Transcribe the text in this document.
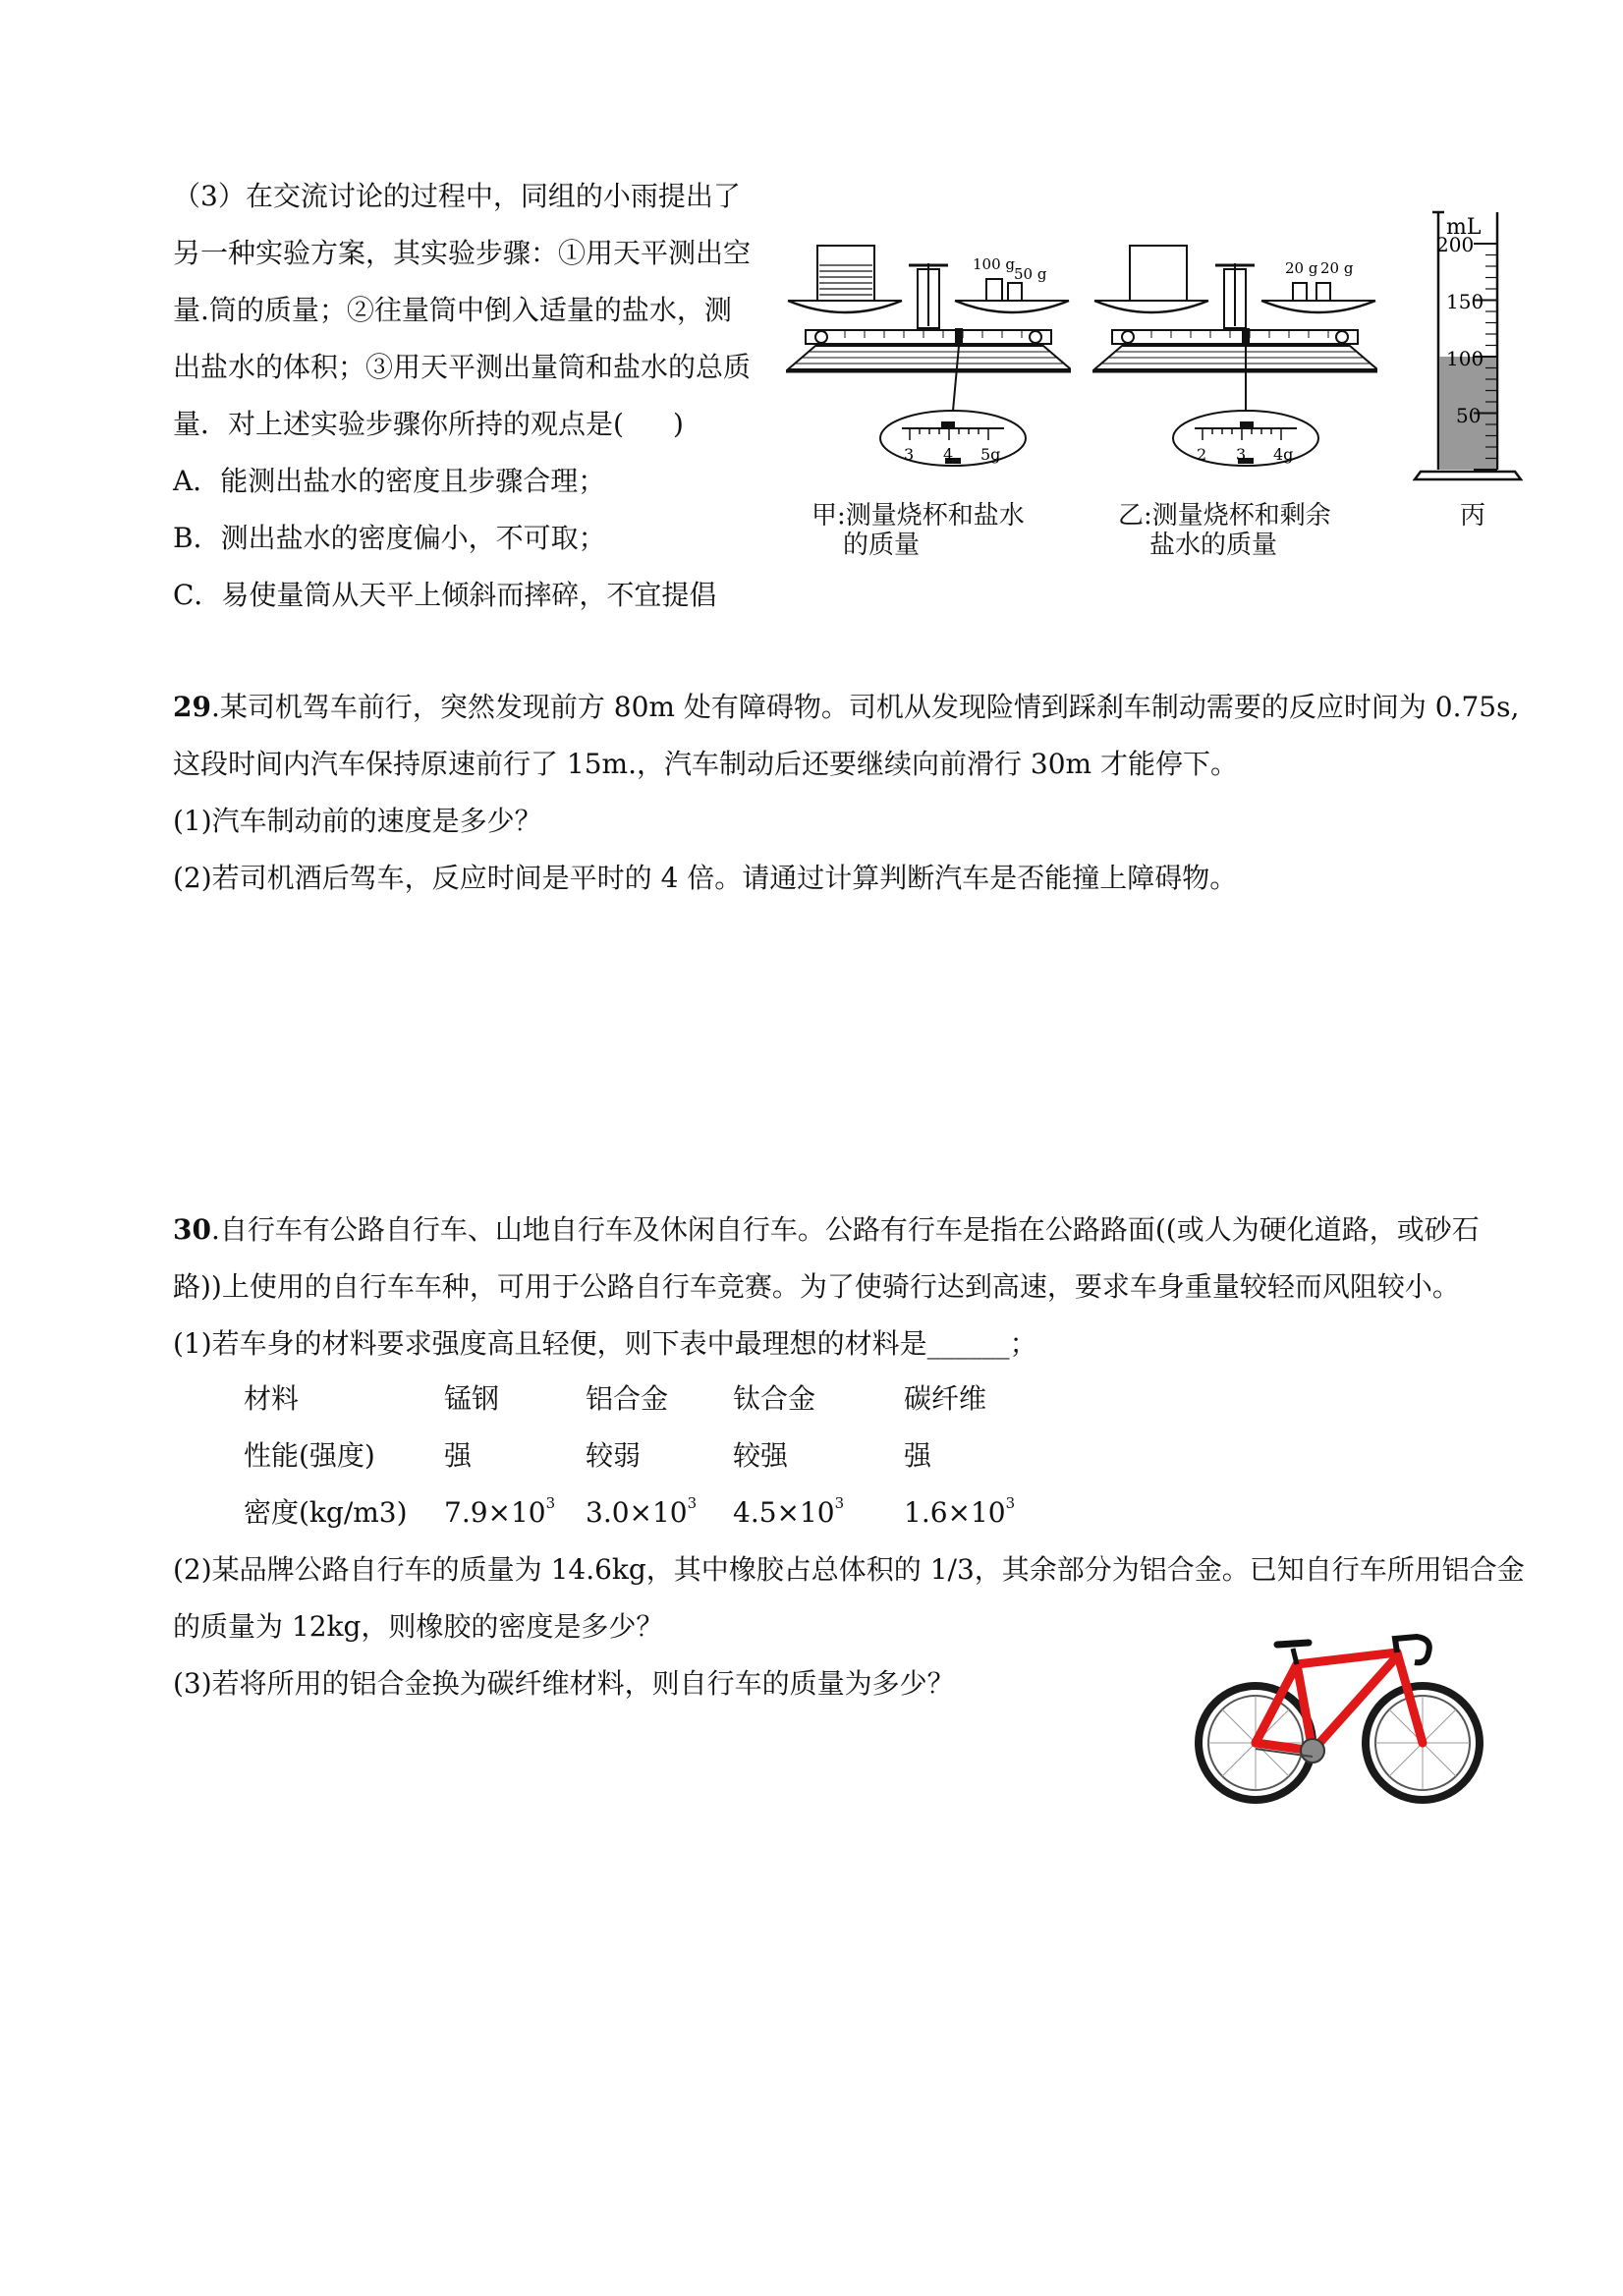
（3）在交流讨论的过程中，同组的小雨提出了
另一种实验方案，其实验步骤：①用天平测出空
量.筒的质量；②往量筒中倒入适量的盐水，测
出盐水的体积；③用天平测出量筒和盐水的总质
量．对上述实验步骤你所持的观点是( )
A．能测出盐水的密度且步骤合理；
B．测出盐水的密度偏小，不可取；
C．易使量筒从天平上倾斜而摔碎，不宜提倡
100 g
50 g
3 4 5g
甲:测量烧杯和盐水
的质量
20 g 20 g
2 3 4g
乙:测量烧杯和剩余
盐水的质量
mL
200
150
100
50
丙
29.某司机驾车前行，突然发现前方 80m 处有障碍物。司机从发现险情到踩刹车制动需要的反应时间为 0.75s,
这段时间内汽车保持原速前行了 15m.，汽车制动后还要继续向前滑行 30m 才能停下。
(1)汽车制动前的速度是多少？
(2)若司机酒后驾车，反应时间是平时的 4 倍。请通过计算判断汽车是否能撞上障碍物。
30.自行车有公路自行车、山地自行车及休闲自行车。公路有行车是指在公路路面((或人为硬化道路，或砂石
路))上使用的自行车车种，可用于公路自行车竞赛。为了使骑行达到高速，要求车身重量较轻而风阻较小。
(1)若车身的材料要求强度高且轻便，则下表中最理想的材料是______；
材料	锰钢	铝合金 钛合金	碳纤维
性能(强度)	强	较弱	较强	强
密度(kg/m3) $7.9\times 10^3$ $3.0\times 10^3$ $4.5\times 10^3$ $1.6\times 10^3$
(2)某品牌公路自行车的质量为 14.6kg，其中橡胶占总体积的 1/3，其余部分为铝合金。已知自行车所用铝合金
的质量为 12kg，则橡胶的密度是多少？
(3)若将所用的铝合金换为碳纤维材料，则自行车的质量为多少？
